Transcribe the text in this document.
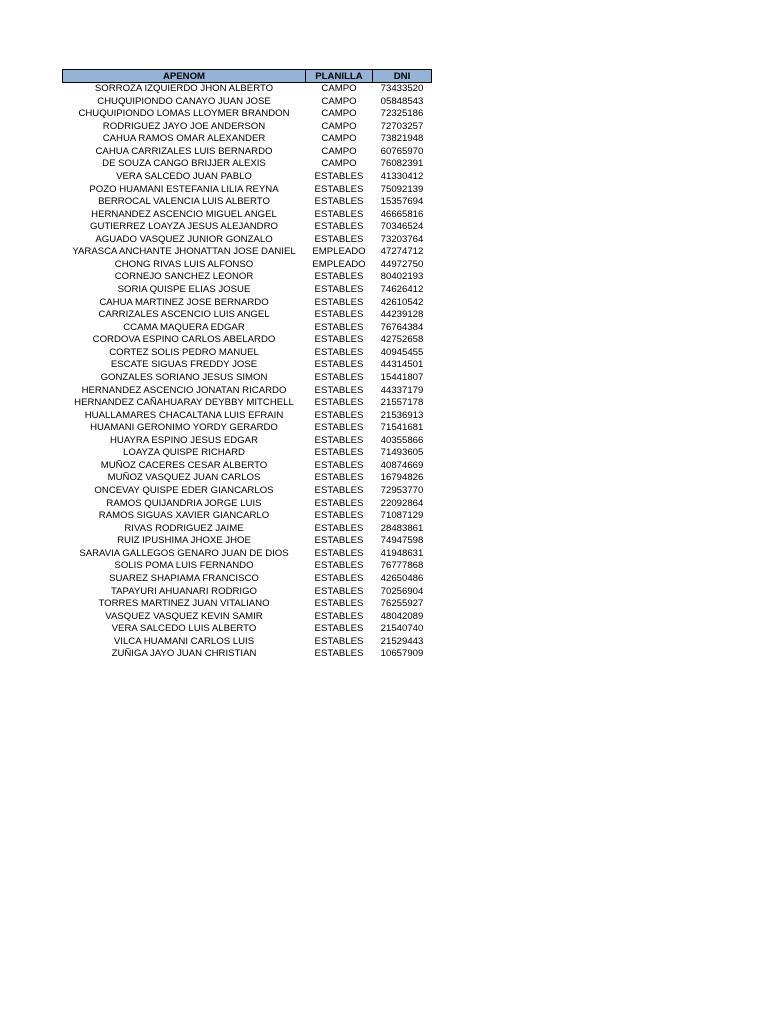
APENOM	PLANILLA	DNI
SORROZA IZQUIERDO JHON ALBERTO	CAMPO	73433520
CHUQUIPIONDO CANAYO JUAN JOSE	CAMPO	05848543
CHUQUIPIONDO LOMAS LLOYMER BRANDON	CAMPO	72325186
RODRIGUEZ JAYO JOE ANDERSON	CAMPO	72703257
CAHUA RAMOS OMAR ALEXANDER	CAMPO	73821948
CAHUA CARRIZALES LUIS BERNARDO	CAMPO	60765970
DE SOUZA CANGO BRIJJER ALEXIS	CAMPO	76082391
VERA SALCEDO JUAN PABLO	ESTABLES	41330412
POZO HUAMANI ESTEFANIA LILIA REYNA	ESTABLES	75092139
BERROCAL VALENCIA LUIS ALBERTO	ESTABLES	15357694
HERNANDEZ ASCENCIO MIGUEL ANGEL	ESTABLES	46665816
GUTIERREZ LOAYZA JESUS ALEJANDRO	ESTABLES	70346524
AGUADO VASQUEZ JUNIOR GONZALO	ESTABLES	73203764
YARASCA ANCHANTE JHONATTAN JOSE DANIEL	EMPLEADO	47274712
CHONG RIVAS LUIS ALFONSO	EMPLEADO	44972750
CORNEJO SANCHEZ LEONOR	ESTABLES	80402193
SORIA QUISPE ELIAS JOSUE	ESTABLES	74626412
CAHUA MARTINEZ JOSE BERNARDO	ESTABLES	42610542
CARRIZALES ASCENCIO LUIS ANGEL	ESTABLES	44239128
CCAMA MAQUERA EDGAR	ESTABLES	76764384
CORDOVA ESPINO CARLOS ABELARDO	ESTABLES	42752658
CORTEZ SOLIS PEDRO MANUEL	ESTABLES	40945455
ESCATE SIGUAS FREDDY JOSE	ESTABLES	44314501
GONZALES SORIANO JESUS SIMON	ESTABLES	15441807
HERNANDEZ ASCENCIO JONATAN RICARDO	ESTABLES	44337179
HERNANDEZ CAÑAHUARAY DEYBBY MITCHELL	ESTABLES	21557178
HUALLAMARES CHACALTANA LUIS EFRAIN	ESTABLES	21536913
HUAMANI GERONIMO YORDY GERARDO	ESTABLES	71541681
HUAYRA ESPINO JESUS EDGAR	ESTABLES	40355866
LOAYZA QUISPE RICHARD	ESTABLES	71493605
MUÑOZ CACERES CESAR ALBERTO	ESTABLES	40874669
MUÑOZ VASQUEZ JUAN CARLOS	ESTABLES	16794826
ONCEVAY QUISPE EDER GIANCARLOS	ESTABLES	72953770
RAMOS QUIJANDRIA JORGE LUIS	ESTABLES	22092864
RAMOS SIGUAS XAVIER GIANCARLO	ESTABLES	71087129
RIVAS RODRIGUEZ JAIME	ESTABLES	28483861
RUIZ IPUSHIMA JHOXE JHOE	ESTABLES	74947598
SARAVIA GALLEGOS GENARO JUAN DE DIOS	ESTABLES	41948631
SOLIS POMA LUIS FERNANDO	ESTABLES	76777868
SUAREZ SHAPIAMA FRANCISCO	ESTABLES	42650486
TAPAYURI AHUANARI RODRIGO	ESTABLES	70256904
TORRES MARTINEZ JUAN VITALIANO	ESTABLES	76255927
VASQUEZ VASQUEZ KEVIN SAMIR	ESTABLES	48042089
VERA SALCEDO LUIS ALBERTO	ESTABLES	21540740
VILCA HUAMANI CARLOS LUIS	ESTABLES	21529443
ZUÑIGA JAYO JUAN CHRISTIAN	ESTABLES	10657909
